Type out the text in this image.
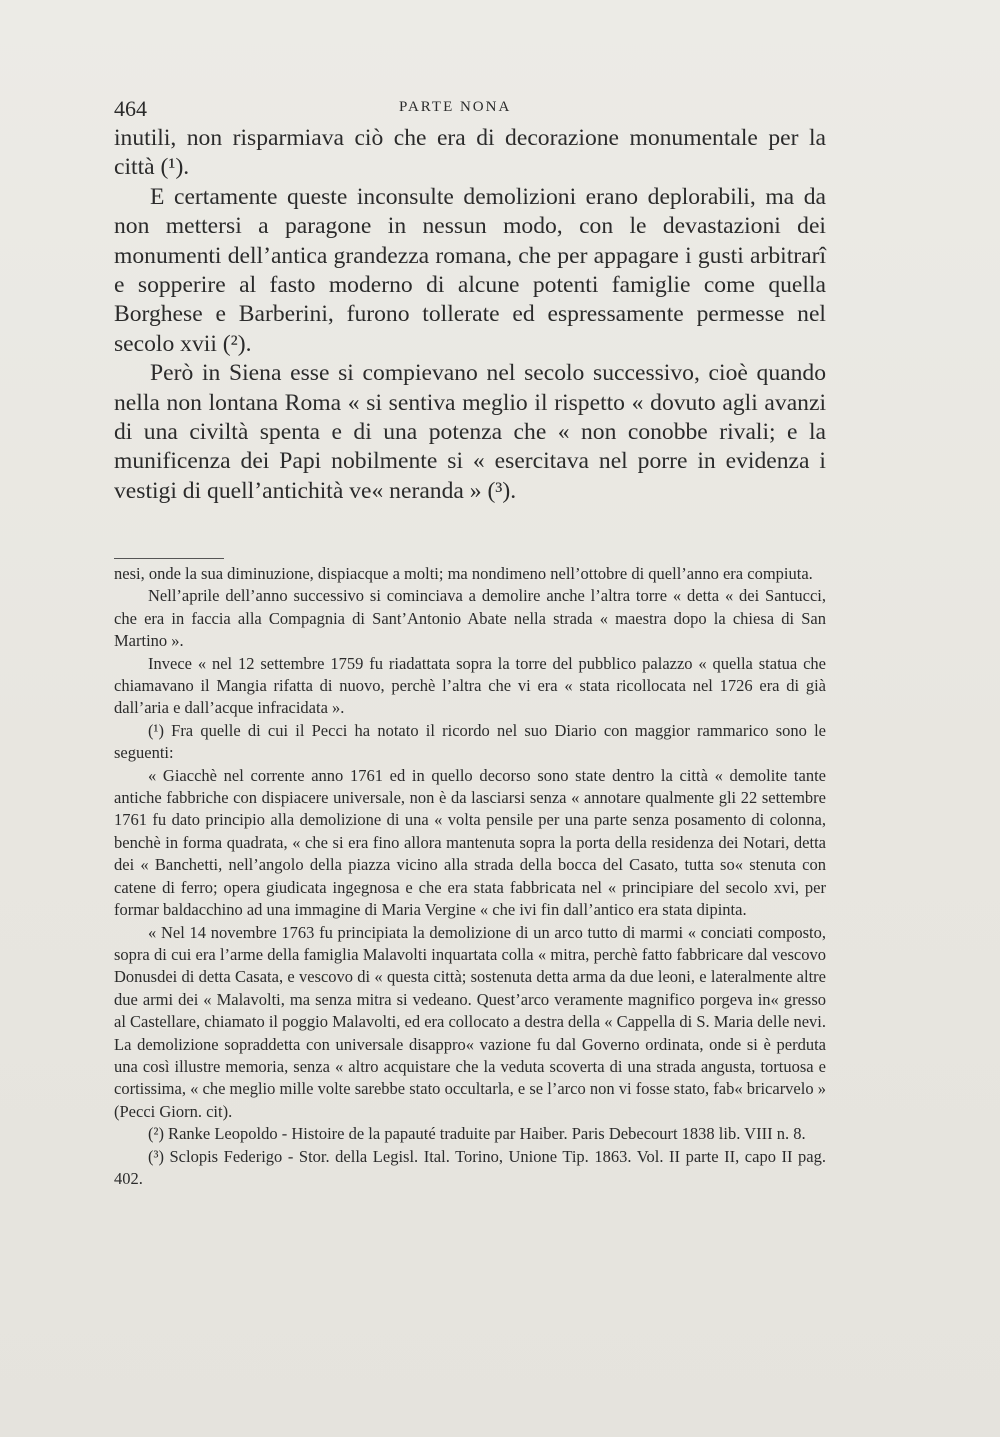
464	PARTE NONA

inutili, non risparmiava ciò che era di decorazione monumentale per la città (¹).

E certamente queste inconsulte demolizioni erano deplorabili, ma da non mettersi a paragone in nessun modo, con le devastazioni dei monumenti dell’antica grandezza romana, che per appagare i gusti arbitrarî e sopperire al fasto moderno di alcune potenti famiglie come quella Borghese e Barberini, furono tollerate ed espressamente permesse nel secolo xvii (²).

Però in Siena esse si compievano nel secolo successivo, cioè quando nella non lontana Roma « si sentiva meglio il rispetto « dovuto agli avanzi di una civiltà spenta e di una potenza che « non conobbe rivali; e la munificenza dei Papi nobilmente si « esercitava nel porre in evidenza i vestigi di quell’antichità ve« neranda » (³).

nesi, onde la sua diminuzione, dispiacque a molti; ma nondimeno nell’ottobre di quell’anno era compiuta.

Nell’aprile dell’anno successivo si cominciava a demolire anche l’altra torre « detta « dei Santucci, che era in faccia alla Compagnia di Sant’Antonio Abate nella strada « maestra dopo la chiesa di San Martino ».

Invece « nel 12 settembre 1759 fu riadattata sopra la torre del pubblico palazzo « quella statua che chiamavano il Mangia rifatta di nuovo, perchè l’altra che vi era « stata ricollocata nel 1726 era di già dall’aria e dall’acque infracidata ».

(¹) Fra quelle di cui il Pecci ha notato il ricordo nel suo Diario con maggior rammarico sono le seguenti:

« Giacchè nel corrente anno 1761 ed in quello decorso sono state dentro la città « demolite tante antiche fabbriche con dispiacere universale, non è da lasciarsi senza « annotare qualmente gli 22 settembre 1761 fu dato principio alla demolizione di una « volta pensile per una parte senza posamento di colonna, benchè in forma quadrata, « che si era fino allora mantenuta sopra la porta della residenza dei Notari, detta dei « Banchetti, nell’angolo della piazza vicino alla strada della bocca del Casato, tutta so« stenuta con catene di ferro; opera giudicata ingegnosa e che era stata fabbricata nel « principiare del secolo xvi, per formar baldacchino ad una immagine di Maria Vergine « che ivi fin dall’antico era stata dipinta.

« Nel 14 novembre 1763 fu principiata la demolizione di un arco tutto di marmi « conciati composto, sopra di cui era l’arme della famiglia Malavolti inquartata colla « mitra, perchè fatto fabbricare dal vescovo Donusdei di detta Casata, e vescovo di « questa città; sostenuta detta arma da due leoni, e lateralmente altre due armi dei « Malavolti, ma senza mitra si vedeano. Quest’arco veramente magnifico porgeva in« gresso al Castellare, chiamato il poggio Malavolti, ed era collocato a destra della « Cappella di S. Maria delle nevi. La demolizione sopraddetta con universale disappro« vazione fu dal Governo ordinata, onde si è perduta una così illustre memoria, senza « altro acquistare che la veduta scoverta di una strada angusta, tortuosa e cortissima, « che meglio mille volte sarebbe stato occultarla, e se l’arco non vi fosse stato, fab« bricarvelo » (Pecci Giorn. cit).

(²) Ranke Leopoldo - Histoire de la papauté traduite par Haiber. Paris Debecourt 1838 lib. VIII n. 8.

(³) Sclopis Federigo - Stor. della Legisl. Ital. Torino, Unione Tip. 1863. Vol. II parte II, capo II pag. 402.
